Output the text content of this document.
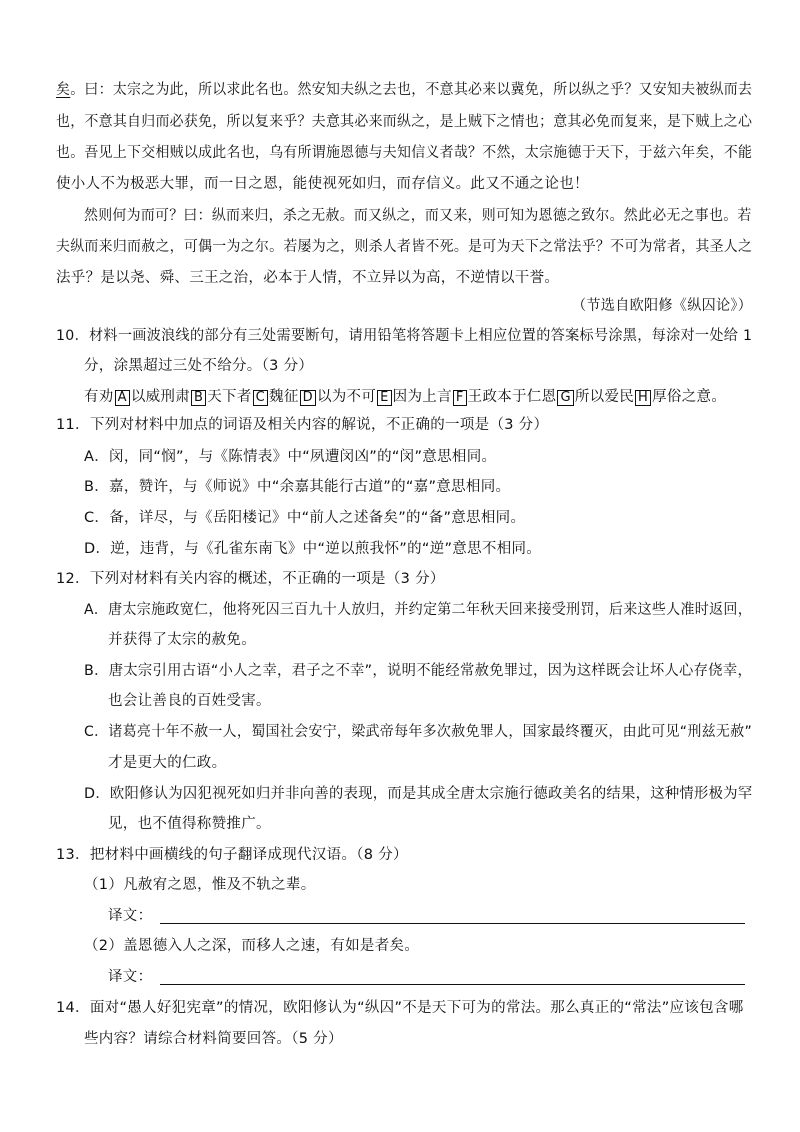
矣。曰：太宗之为此，所以求此名也。然安知夫纵之去也，不意其必来以冀免，所以纵之乎？又安知夫被纵而去
也，不意其自归而必获免，所以复来乎？夫意其必来而纵之，是上贼下之情也；意其必免而复来，是下贼上之心
也。吾见上下交相贼以成此名也，乌有所谓施恩德与夫知信义者哉？不然，太宗施德于天下，于兹六年矣，不能
使小人不为极恶大罪，而一日之恩，能使视死如归，而存信义。此又不通之论也！
然则何为而可？曰：纵而来归，杀之无赦。而又纵之，而又来，则可知为恩德之致尔。然此必无之事也。若
夫纵而来归而赦之，可偶一为之尔。若屡为之，则杀人者皆不死。是可为天下之常法乎？不可为常者，其圣人之
法乎？是以尧、舜、三王之治，必本于人情，不立异以为高，不逆情以干誉。
（节选自欧阳修《纵囚论》）
10．材料一画波浪线的部分有三处需要断句，请用铅笔将答题卡上相应位置的答案标号涂黑，每涂对一处给 1
分，涂黑超过三处不给分。（3 分）
有劝 A 以威刑肃 B 天下者 C 魏征 D 以为不可 E 因为上言 F 王政本于仁恩 G 所以爱民 H 厚俗之意。
11．下列对材料中加点的词语及相关内容的解说，不正确的一项是（3 分）
A．闵，同“悯”，与《陈情表》中“夙遭闵凶”的“闵”意思相同。
B．嘉，赞许，与《师说》中“余嘉其能行古道”的“嘉”意思相同。
C．备，详尽，与《岳阳楼记》中“前人之述备矣”的“备”意思相同。
D．逆，违背，与《孔雀东南飞》中“逆以煎我怀”的“逆”意思不相同。
12．下列对材料有关内容的概述，不正确的一项是（3 分）
A．唐太宗施政宽仁，他将死囚三百九十人放归，并约定第二年秋天回来接受刑罚，后来这些人准时返回，
并获得了太宗的赦免。
B．唐太宗引用古语“小人之幸，君子之不幸”，说明不能经常赦免罪过，因为这样既会让坏人心存侥幸，
也会让善良的百姓受害。
C．诸葛亮十年不赦一人，蜀国社会安宁，梁武帝每年多次赦免罪人，国家最终覆灭，由此可见“刑兹无赦”
才是更大的仁政。
D．欧阳修认为囚犯视死如归并非向善的表现，而是其成全唐太宗施行德政美名的结果，这种情形极为罕
见，也不值得称赞推广。
13．把材料中画横线的句子翻译成现代汉语。（8 分）
（1）凡赦宥之恩，惟及不轨之辈。
译文：
（2）盖恩德入人之深，而移人之速，有如是者矣。
译文：
14．面对“愚人好犯宪章”的情况，欧阳修认为“纵囚”不是天下可为的常法。那么真正的“常法”应该包含哪
些内容？请综合材料简要回答。（5 分）
